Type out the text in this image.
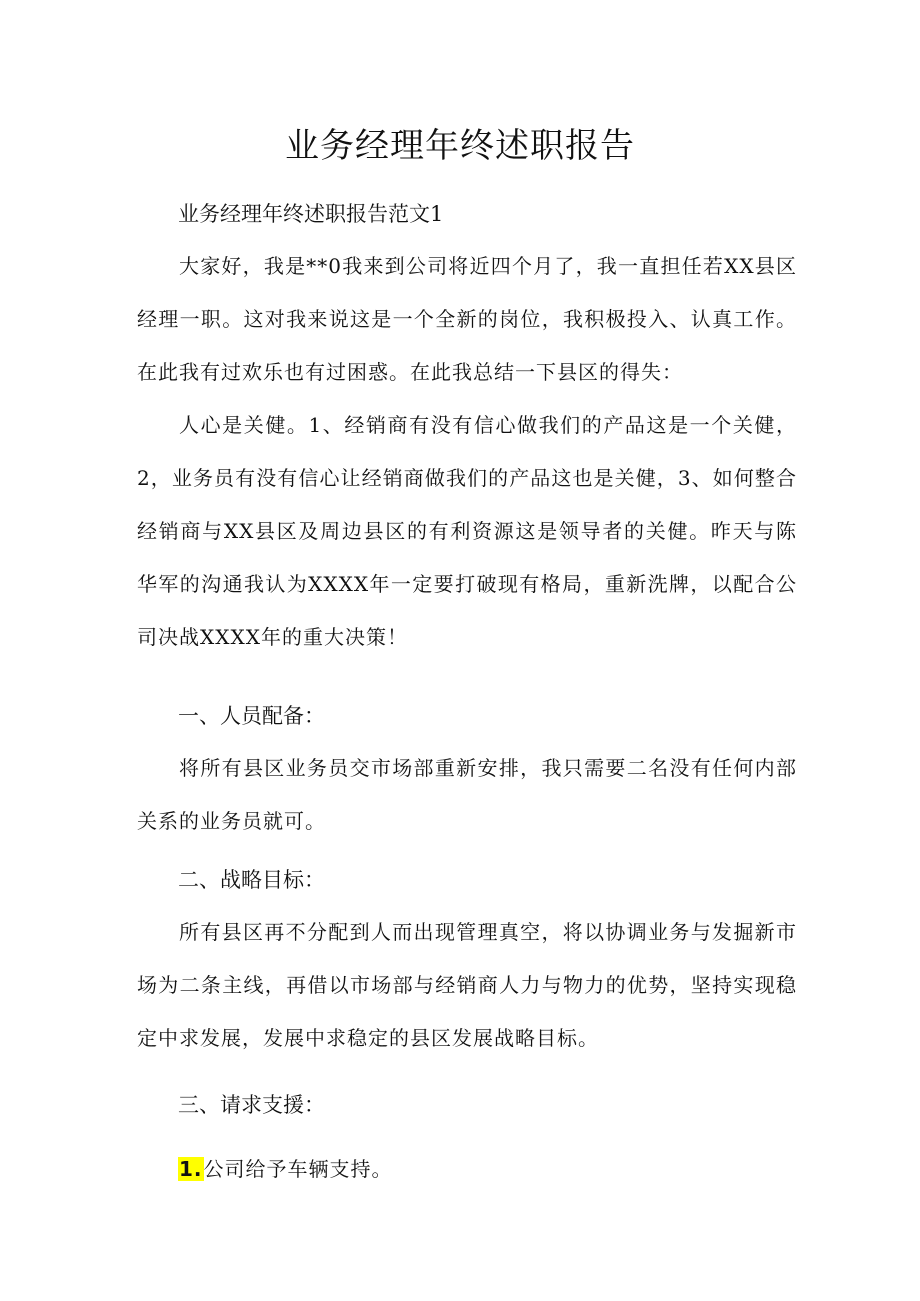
业务经理年终述职报告

业务经理年终述职报告范文1

大家好，我是**0我来到公司将近四个月了，我一直担任若XX县区经理一职。这对我来说这是一个全新的岗位，我积极投入、认真工作。在此我有过欢乐也有过困惑。在此我总结一下县区的得失：

人心是关健。1、经销商有没有信心做我们的产品这是一个关健，2，业务员有没有信心让经销商做我们的产品这也是关健，3、如何整合经销商与XX县区及周边县区的有利资源这是领导者的关健。昨天与陈华军的沟通我认为XXXX年一定要打破现有格局，重新洗牌，以配合公司决战XXXX年的重大决策！

一、人员配备：

将所有县区业务员交市场部重新安排，我只需要二名没有任何内部关系的业务员就可。

二、战略目标：

所有县区再不分配到人而出现管理真空，将以协调业务与发掘新市场为二条主线，再借以市场部与经销商人力与物力的优势，坚持实现稳定中求发展，发展中求稳定的县区发展战略目标。

三、请求支援：

1.公司给予车辆支持。
